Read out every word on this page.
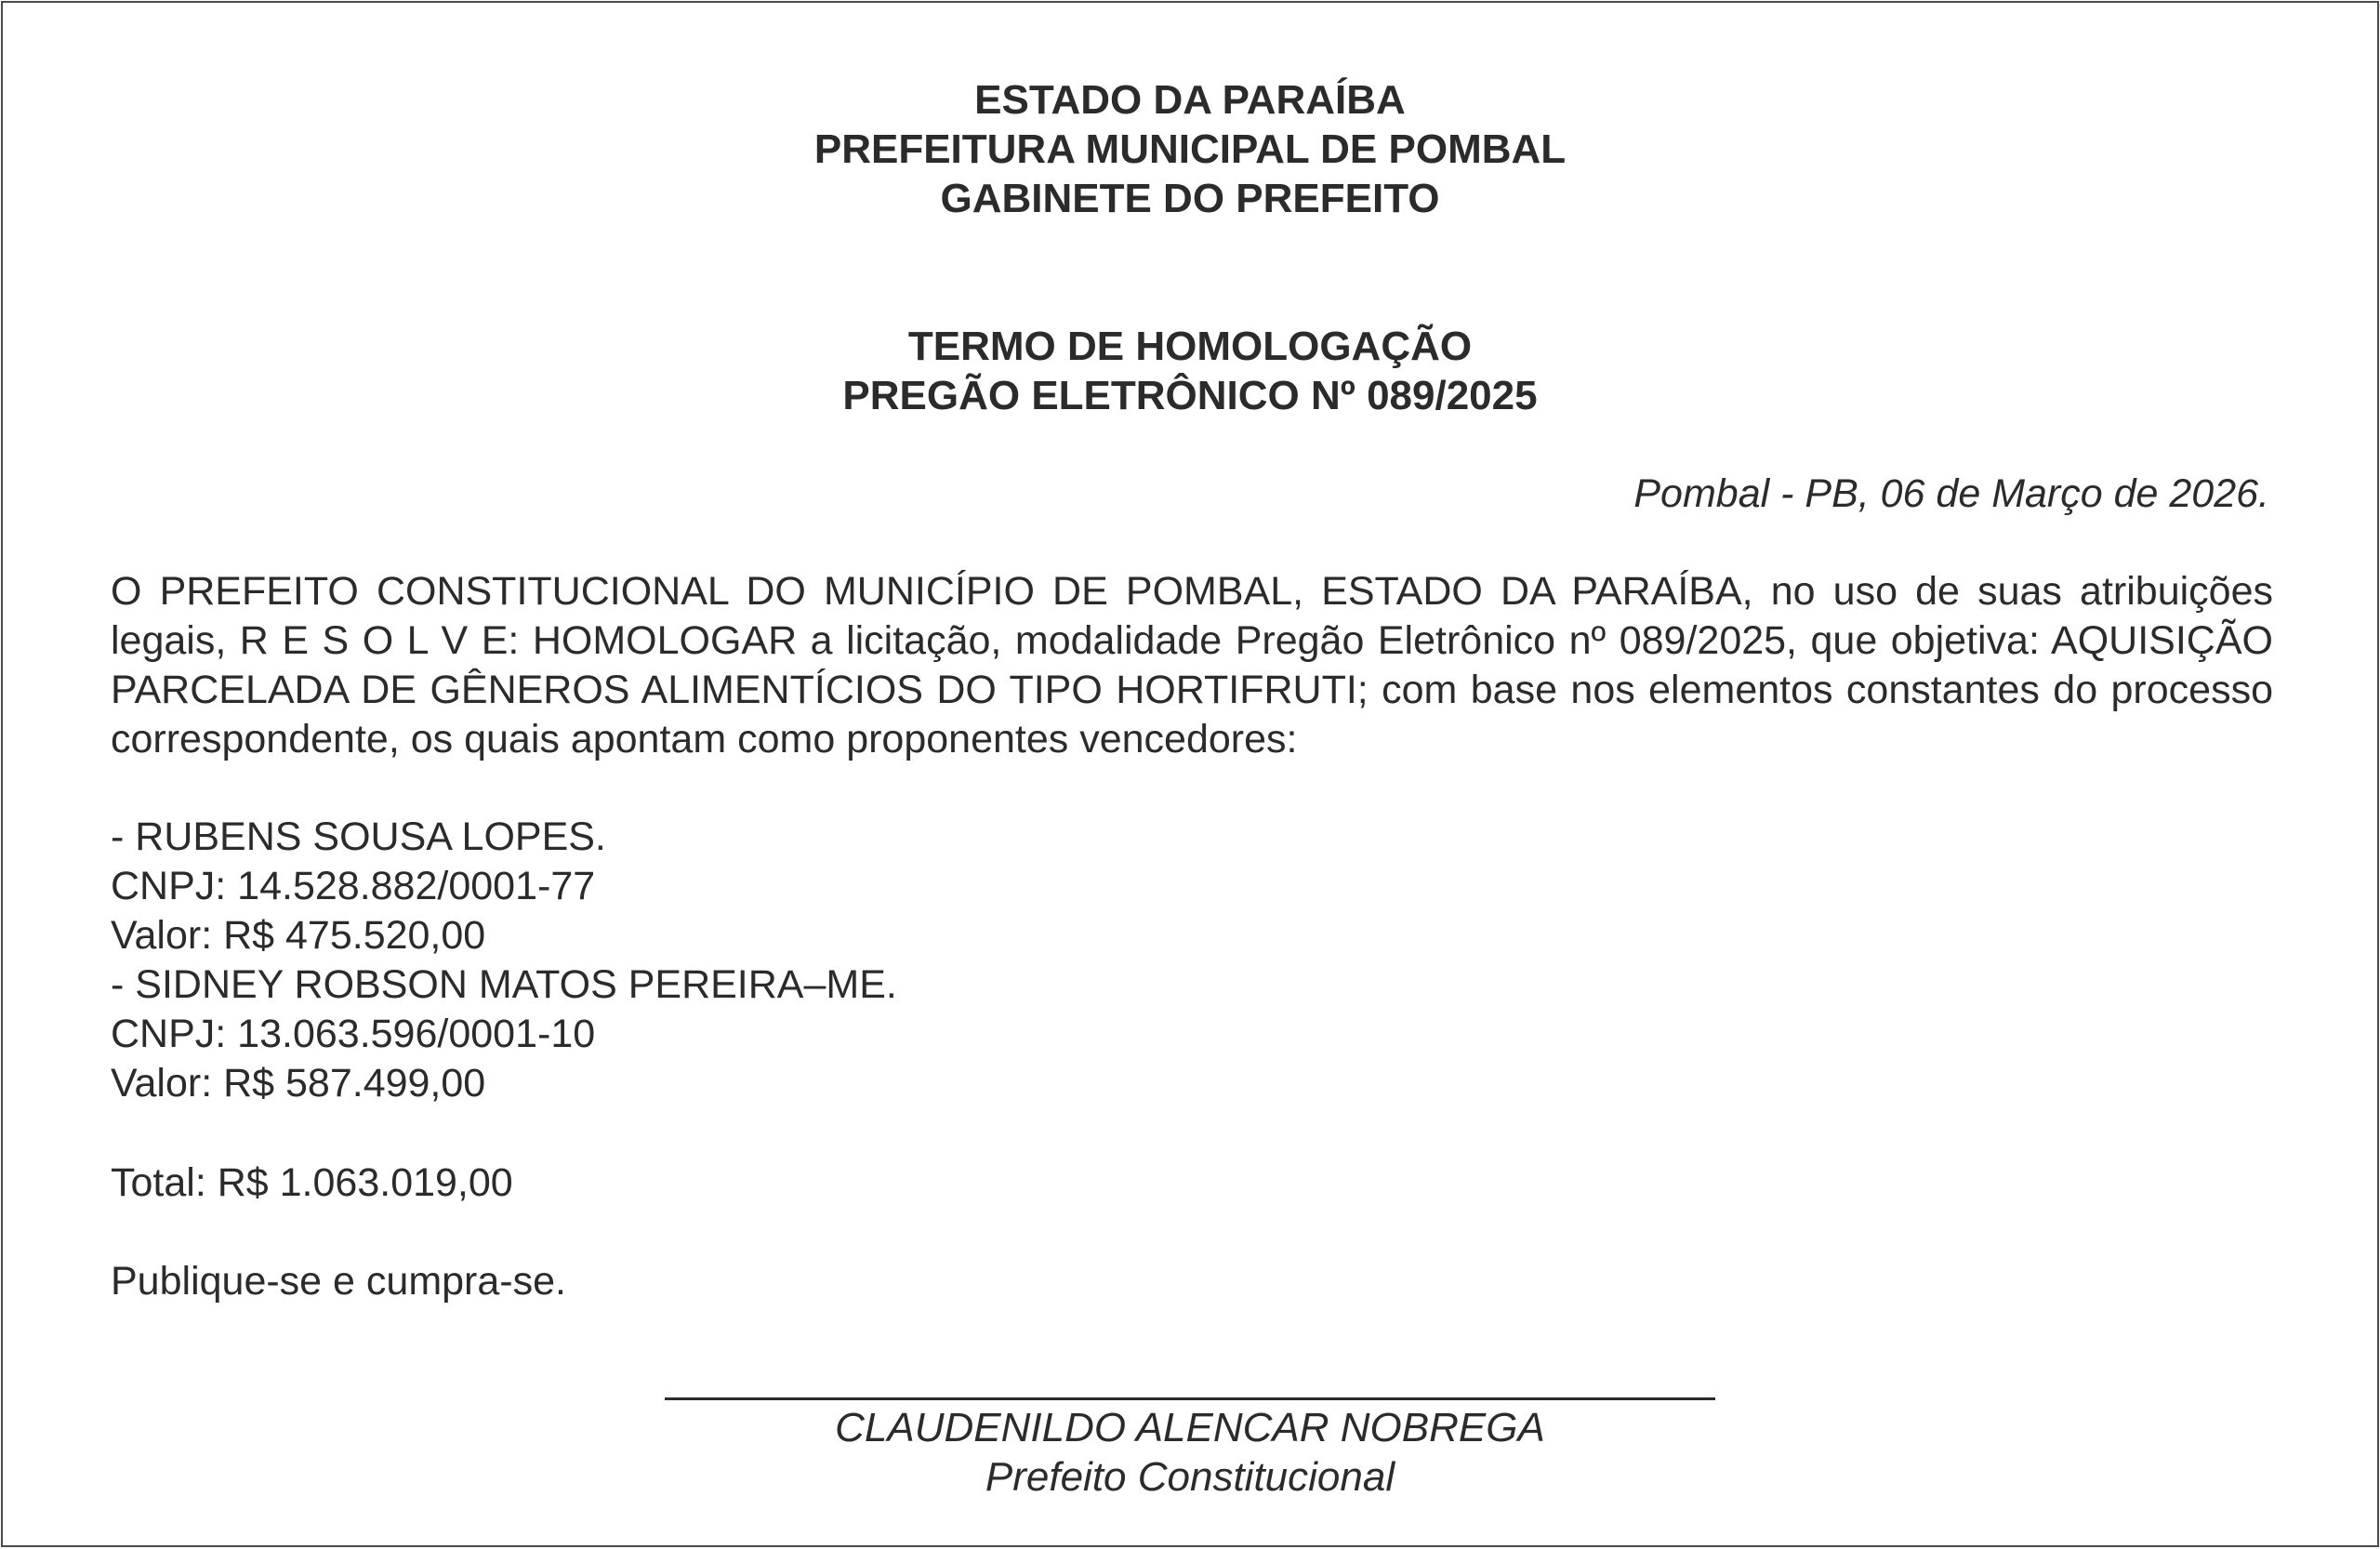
ESTADO DA PARAÍBA
PREFEITURA MUNICIPAL DE POMBAL
GABINETE DO PREFEITO
TERMO DE HOMOLOGAÇÃO
PREGÃO ELETRÔNICO Nº 089/2025
Pombal - PB, 06 de Março de 2026.
O PREFEITO CONSTITUCIONAL DO MUNICÍPIO DE POMBAL, ESTADO DA PARAÍBA, no uso de suas atribuições legais, R E S O L V E: HOMOLOGAR a licitação, modalidade Pregão Eletrônico nº 089/2025, que objetiva: AQUISIÇÃO PARCELADA DE GÊNEROS ALIMENTÍCIOS DO TIPO HORTIFRUTI; com base nos elementos constantes do processo correspondente, os quais apontam como proponentes vencedores:
- RUBENS SOUSA LOPES.
CNPJ: 14.528.882/0001-77
Valor: R$ 475.520,00
- SIDNEY ROBSON MATOS PEREIRA–ME.
CNPJ: 13.063.596/0001-10
Valor: R$ 587.499,00
Total: R$ 1.063.019,00
Publique-se e cumpra-se.
CLAUDENILDO ALENCAR NOBREGA
Prefeito Constitucional
